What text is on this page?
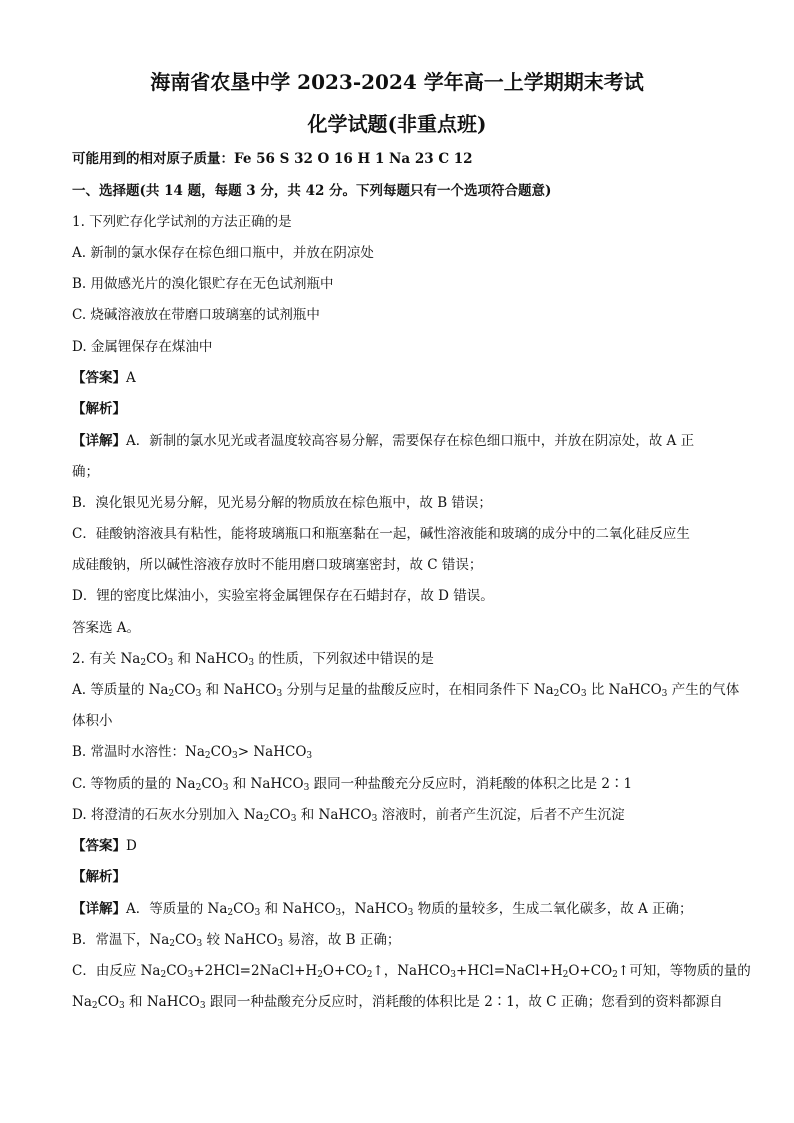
海南省农垦中学 2023-2024 学年高一上学期期末考试
化学试题(非重点班)
可能用到的相对原子质量：Fe 56 S 32 O 16 H 1 Na 23 C 12
一、选择题(共 14 题，每题 3 分，共 42 分。下列每题只有一个选项符合题意)
1. 下列贮存化学试剂的方法正确的是
A. 新制的氯水保存在棕色细口瓶中，并放在阴凉处
B. 用做感光片的溴化银贮存在无色试剂瓶中
C. 烧碱溶液放在带磨口玻璃塞的试剂瓶中
D. 金属锂保存在煤油中
【答案】A
【解析】
【详解】A．新制的氯水见光或者温度较高容易分解，需要保存在棕色细口瓶中，并放在阴凉处，故 A 正
确；
B．溴化银见光易分解，见光易分解的物质放在棕色瓶中，故 B 错误；
C．硅酸钠溶液具有粘性，能将玻璃瓶口和瓶塞黏在一起，碱性溶液能和玻璃的成分中的二氧化硅反应生
成硅酸钠，所以碱性溶液存放时不能用磨口玻璃塞密封，故 C 错误；
D．锂的密度比煤油小，实验室将金属锂保存在石蜡封存，故 D 错误。
答案选 A。
2. 有关 $Na_2CO_3$ 和 NaHCO$_3$ 的性质，下列叙述中错误的是
A. 等质量的 $Na_2CO_3$ 和 NaHCO$_3$ 分别与足量的盐酸反应时，在相同条件下 $Na_2CO_3$ 比 NaHCO$_3$ 产生的气体
体积小
B. 常温时水溶性：$Na_2CO_3>$ NaHCO$_3$
C. 等物质的量的 $Na_2CO_3$ 和 NaHCO$_3$ 跟同一种盐酸充分反应时，消耗酸的体积之比是 2∶1
D. 将澄清的石灰水分别加入 $Na_2CO_3$ 和 NaHCO$_3$ 溶液时，前者产生沉淀，后者不产生沉淀
【答案】D
【解析】
【详解】A．等质量的 $Na_2CO_3$ 和 NaHCO$_3$，NaHCO$_3$ 物质的量较多，生成二氧化碳多，故 A 正确；
B．常温下，$Na_2CO_3$ 较 NaHCO$_3$ 易溶，故 B 正确；
C．由反应 $Na_2CO_3+2HCl=2NaCl+H_2O+CO_2↑$，$NaHCO_3+HCl=NaCl+H_2O+CO_2↑$可知，等物质的量的
$Na_2CO_3$ 和 NaHCO$_3$ 跟同一种盐酸充分反应时，消耗酸的体积比是 2∶1，故 C 正确；您看到的资料都源自
